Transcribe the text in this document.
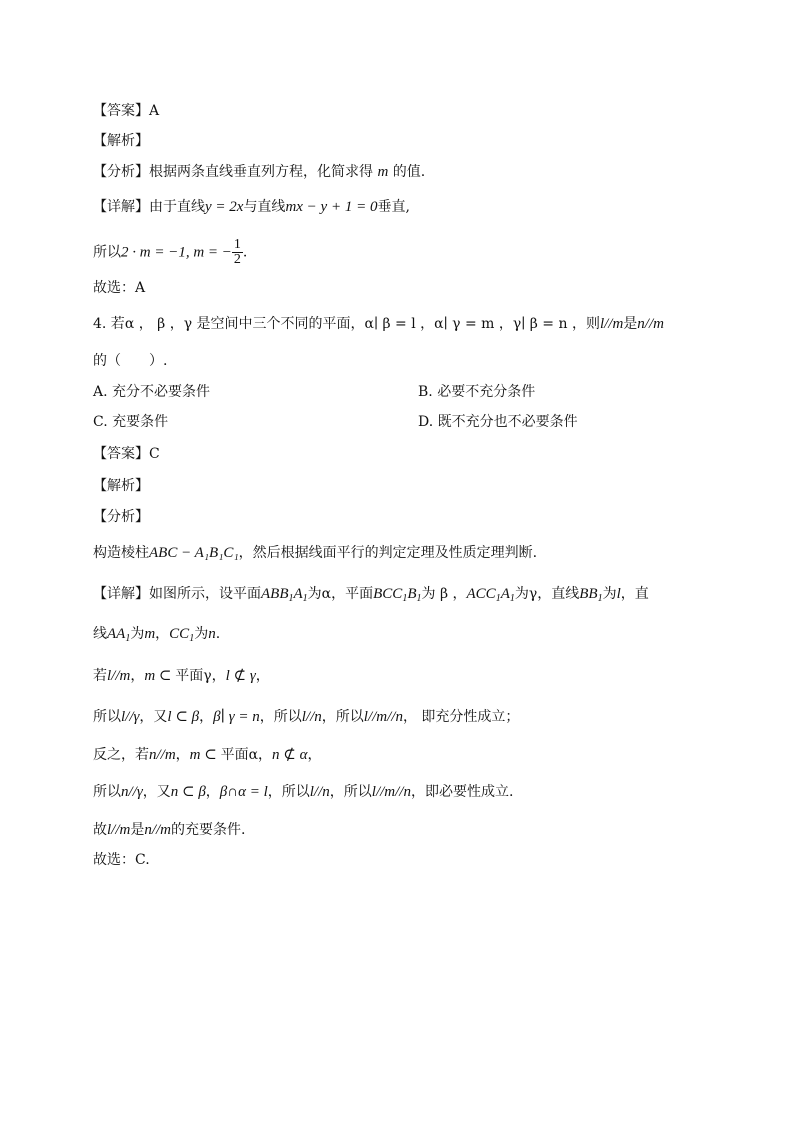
【答案】A
【解析】
【分析】根据两条直线垂直列方程，化简求得 m 的值.
【详解】由于直线y = 2x与直线mx − y + 1 = 0垂直,
所以2 · m = −1, m = − $\frac{1}{2}$ .
故选：A
4. 若α ， β ，γ 是空间中三个不同的平面，α∣ β = l ，α∣ γ = m ，γ∣ β = n ，则l//m是n//m
的（　　）.
A. 充分不必要条件	B. 必要不充分条件
C. 充要条件	D. 既不充分也不必要条件
【答案】C
【解析】
【分析】
构造棱柱ABC − A₁B₁C₁，然后根据线面平行的判定定理及性质定理判断.
【详解】如图所示，设平面$ABB_1A_1$为α，平面$BCC_1B_1$为 β ，$ACC_1A_1$为γ，直线$BB_1$为l，直
线$AA_1$为m，$CC_1$为n.
若l//m，m ⊂ 平面γ，l ⊄ γ，
所以l//γ，又l ⊂ β，β∣ γ = n，所以l//n，所以l//m//n， 即充分性成立；
反之，若n//m，m ⊂ 平面α，n ⊄ α，
所以n//γ，又n ⊂ β，β∩α = l，所以l//n，所以l//m//n，即必要性成立.
故l//m是n//m的充要条件.
故选：C.
